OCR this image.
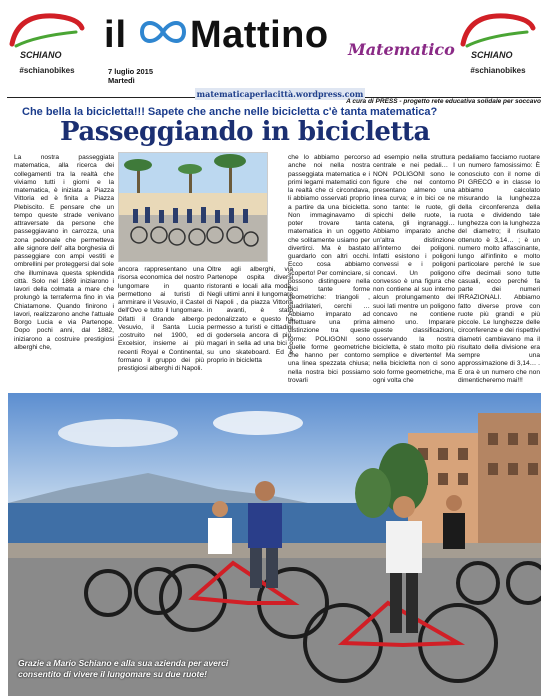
SCHIANO
#schianobikes
il Mattino Matematico SCHIANO
#schianobikes
7 luglio 2015
Martedì
matematicaperlacittà.wordpress.com
A cura di PRESS - progetto rete educativa solidale per soccavo
Che bella la bicicletta!!! Sapete che anche nelle bicicletta c'è tanta matematica?
Passeggiando in bicicletta
La nostra passeggiata matematica, alla ricerca dei collegamenti tra la realtà che viviamo tutti i giorni e la matematica, è iniziata a Piazza Vittoria ed è finita a Piazza Plebiscito. E pensare che un tempo queste strade venivano attraversate da persone che passeggiavano in carrozza, una zona pedonale che permetteva alle signore dell' alta borghesia di passeggiare con ampi vestiti e ombrellini per proteggersi dal sole che illuminava questa splendida città. Solo nel 1869 iniziarono i lavori della colmata a mare che prolungò la terraferma fino in via Chiatamone. Quando finirono i lavori, realizzarono anche l'attuale Borgo Lucia e via Partenope. Dopo pochi anni, dal 1882, iniziarono a costruire prestigiosi alberghi che,
ancora rappresentano una risorsa economica del nostro lungomare in quanto permettono ai turisti di ammirare il Vesuvio, il Castel dell'Ovo e tutto il lungomare. Difatti il Grande albergo Vesuvio, il Santa Lucia ,costruito nel 1900, ed Excelsior, insieme ai più recenti Royal e Continental, formano il gruppo dei più prestigiosi alberghi di Napoli.
Oltre agli alberghi, via Partenope ospita diversi ristoranti e locali alla moda. Negli ultimi anni il lungomare di Napoli , da piazza Vittoria in avanti, è stato pedonalizzato e questo ha permesso a turisti e cittadini di godersela ancora di più, magari in sella ad una bici o su uno skateboard. Ed è proprio in bicicletta
che lo abbiamo percorso anche noi nella nostra passeggiata matematica e i primi legami matematici con la realtà che ci circondava, li abbiamo osservati proprio a partire da una bicicletta. Non immaginavamo di poter trovare tanta matematica in un oggetto che solitamente usiamo per divertirci. Ma è bastato guardarlo con altri occhi. Ecco cosa abbiamo scoperto! Per cominciare, si possono distinguere nella bici tante forme geometriche: triangoli , quadrilateri, cerchi … Abbiamo imparato ad effettuare una prima distinzione tra queste forme: POLIGONI sono quelle forme geometriche che hanno per contorno una linea spezzata chiusa; nella nostra bici possiamo trovarli
ad esempio nella struttura centrale e nei pedali… I NON POLIGONI sono le figure che nel contorno presentano almeno una linea curva; e in bici ce ne sono tante: le ruote, gli spicchi delle ruote, la catena, gli ingranaggi… Abbiamo imparato anche un'altra distinzione all'interno dei poligoni. Infatti esistono i poligoni convessi e i poligoni concavi. Un poligono convesso è una figura che non contiene al suo interno alcun prolungamento dei suoi lati mentre un poligono concavo ne contiene almeno uno. Imparare queste classificazioni, osservando la nostra bicicletta, è stato molto più semplice e divertente! Ma nella bicicletta non ci sono solo forme geometriche, ma ogni volta che
pedaliamo facciamo ruotare un numero famosissimo: È conosciuto con il nome di PI GRECO e in classe lo abbiamo calcolato misurando la lunghezza della circonferenza della ruota e dividendo tale lunghezza con la lunghezza del diametro; il risultato ottenuto è 3,14… ; è un numero molto affascinante, lungo all'infinito e molto particolare perché le sue cifre decimali sono tutte casuali, ecco perché fa parte dei numeri IRRAZIONALI. Abbiamo fatto diverse prove con ruote più grandi e più piccole. Le lunghezze delle circonferenze e dei rispettivi diametri cambiavano ma il risultato della divisione era sempre una approssimazione di 3,14… . E ora è un numero che non dimenticheremo mai!!!
Grazie a Mario Schiano e alla sua azienda per averci
consentito di vivere il lungomare su due ruote!
